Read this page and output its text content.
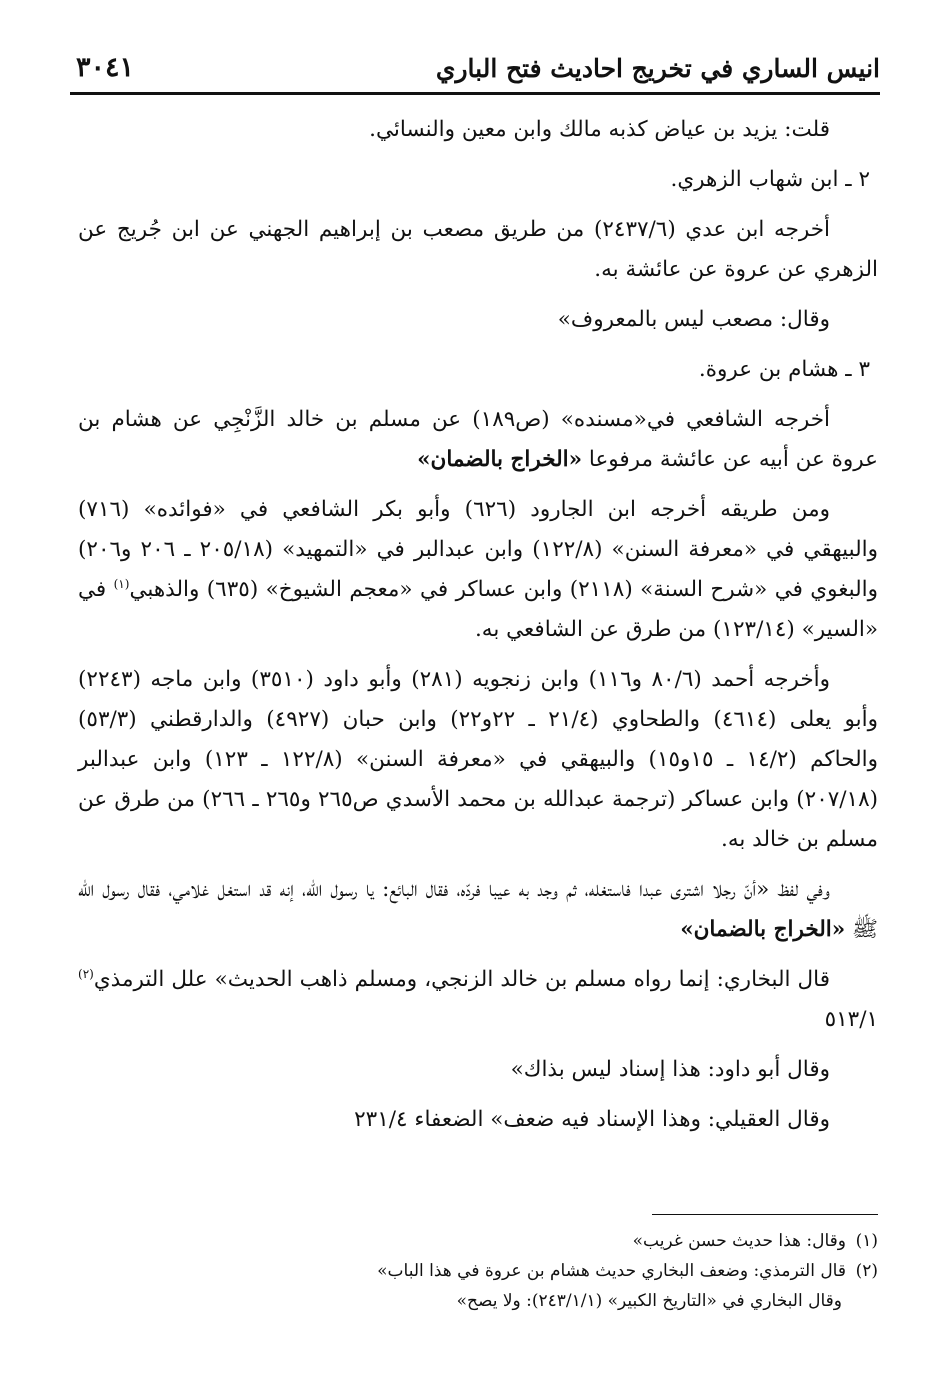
انيس الساري في تخريج احاديث فتح الباري
٣٠٤١

قلت: يزيد بن عياض كذبه مالك وابن معين والنسائي.

٢ ـ ابن شهاب الزهري.

أخرجه ابن عدي (٢٤٣٧/٦) من طريق مصعب بن إبراهيم الجهني عن ابن جُريج عن الزهري عن عروة عن عائشة به.

وقال: مصعب ليس بالمعروف»

٣ ـ هشام بن عروة.

أخرجه الشافعي في«مسنده» (ص١٨٩) عن مسلم بن خالد الزَّنْجِي عن هشام بن عروة عن أبيه عن عائشة مرفوعا «الخراج بالضمان»

ومن طريقه أخرجه ابن الجارود (٦٢٦) وأبو بكر الشافعي في «فوائده» (٧١٦) والبيهقي في «معرفة السنن» (١٢٢/٨) وابن عبدالبر في «التمهيد» (٢٠٥/١٨ ـ ٢٠٦ و٢٠٦) والبغوي في «شرح السنة» (٢١١٨) وابن عساكر في «معجم الشيوخ» (٦٣٥) والذهبي$^{(١)}$ في «السير» (١٢٣/١٤) من طرق عن الشافعي به.

وأخرجه أحمد (٨٠/٦ و١١٦) وابن زنجويه (٢٨١) وأبو داود (٣٥١٠) وابن ماجه (٢٢٤٣) وأبو يعلى (٤٦١٤) والطحاوي (٢١/٤ ـ ٢٢و٢٢) وابن حبان (٤٩٢٧) والدارقطني (٥٣/٣) والحاكم (١٤/٢ ـ ١٥و١٥) والبيهقي في «معرفة السنن» (١٢٢/٨ ـ ١٢٣) وابن عبدالبر (٢٠٧/١٨) وابن عساكر (ترجمة عبدالله بن محمد الأسدي ص٢٦٥ و٢٦٥ ـ ٢٦٦) من طرق عن مسلم بن خالد به.

وفي لفظ «أنّ رجلا اشترى عبدا فاستغله، ثم وجد به عيبا فردّه، فقال البائع: يا رسول الله، إنه قد استغل غلامي، فقال رسول الله ﷺ «الخراج بالضمان»

قال البخاري: إنما رواه مسلم بن خالد الزنجي، ومسلم ذاهب الحديث» علل الترمذي$^{(٢)}$ ٥١٣/١

وقال أبو داود: هذا إسناد ليس بذاك»

وقال العقيلي: وهذا الإسناد فيه ضعف» الضعفاء ٢٣١/٤

(١)وقال: هذا حديث حسن غريب»

(٢)قال الترمذي: وضعف البخاري حديث هشام بن عروة في هذا الباب»

وقال البخاري في «التاريخ الكبير» (٢٤٣/١/١): ولا يصح»
